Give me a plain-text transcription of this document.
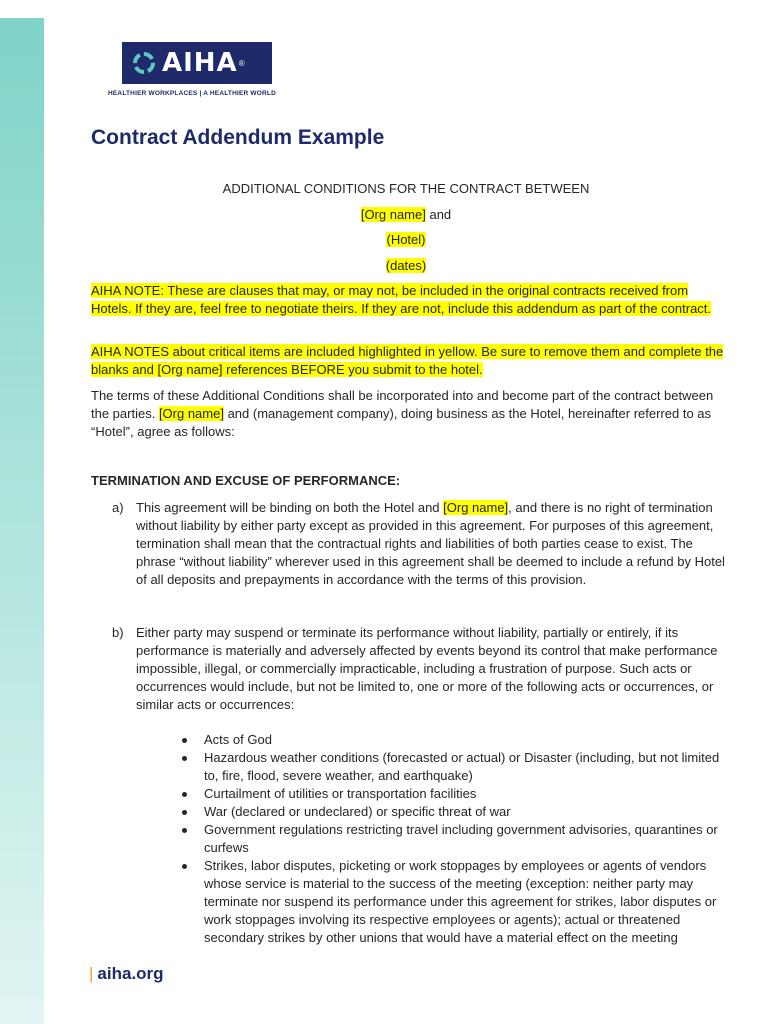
AIHA ®
HEALTHIER WORKPLACES | A HEALTHIER WORLD
Contract Addendum Example

ADDITIONAL CONDITIONS FOR THE CONTRACT BETWEEN

[Org name] and

(Hotel)

(dates)

AIHA NOTE: These are clauses that may, or may not, be included in the original contracts received from Hotels. If they are, feel free to negotiate theirs. If they are not, include this addendum as part of the contract.

AIHA NOTES about critical items are included highlighted in yellow. Be sure to remove them and complete the blanks and [Org name] references BEFORE you submit to the hotel.

The terms of these Additional Conditions shall be incorporated into and become part of the contract between the parties. [Org name] and (management company), doing business as the Hotel, hereinafter referred to as “Hotel”, agree as follows:

TERMINATION AND EXCUSE OF PERFORMANCE:

a) This agreement will be binding on both the Hotel and [Org name], and there is no right of termination without liability by either party except as provided in this agreement. For purposes of this agreement, termination shall mean that the contractual rights and liabilities of both parties cease to exist. The phrase “without liability” wherever used in this agreement shall be deemed to include a refund by Hotel of all deposits and prepayments in accordance with the terms of this provision.
b) Either party may suspend or terminate its performance without liability, partially or entirely, if its performance is materially and adversely affected by events beyond its control that make performance impossible, illegal, or commercially impracticable, including a frustration of purpose. Such acts or occurrences would include, but not be limited to, one or more of the following acts or occurrences, or similar acts or occurrences:
Acts of God
Hazardous weather conditions (forecasted or actual) or Disaster (including, but not limited to, fire, flood, severe weather, and earthquake)
Curtailment of utilities or transportation facilities
War (declared or undeclared) or specific threat of war
Government regulations restricting travel including government advisories, quarantines or curfews
Strikes, labor disputes, picketing or work stoppages by employees or agents of vendors whose service is material to the success of the meeting (exception: neither party may terminate nor suspend its performance under this agreement for strikes, labor disputes or work stoppages involving its respective employees or agents); actual or threatened secondary strikes by other unions that would have a material effect on the meeting
| aiha.org
